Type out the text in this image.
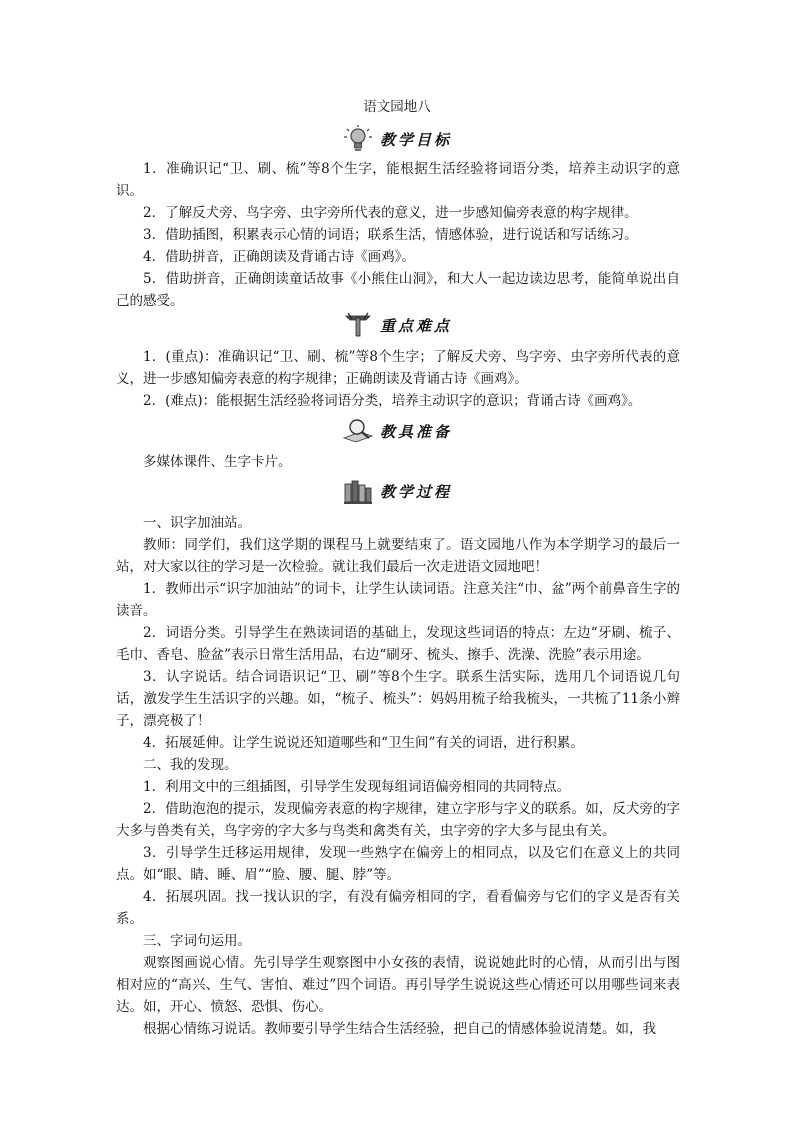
语文园地八
教学目标

1．准确识记“卫、刷、梳”等8个生字，能根据生活经验将词语分类，培养主动识字的意识。

2．了解反犬旁、鸟字旁、虫字旁所代表的意义，进一步感知偏旁表意的构字规律。

3．借助插图，积累表示心情的词语；联系生活，情感体验，进行说话和写话练习。

4．借助拼音，正确朗读及背诵古诗《画鸡》。

5．借助拼音，正确朗读童话故事《小熊住山洞》，和大人一起边读边思考，能简单说出自己的感受。

重点难点

1．(重点)：准确识记“卫、刷、梳”等8个生字；了解反犬旁、鸟字旁、虫字旁所代表的意义，进一步感知偏旁表意的构字规律；正确朗读及背诵古诗《画鸡》。

2．(难点)：能根据生活经验将词语分类，培养主动识字的意识；背诵古诗《画鸡》。

教具准备

多媒体课件、生字卡片。

教学过程

一、识字加油站。

教师：同学们，我们这学期的课程马上就要结束了。语文园地八作为本学期学习的最后一站，对大家以往的学习是一次检验。就让我们最后一次走进语文园地吧！

1．教师出示“识字加油站”的词卡，让学生认读词语。注意关注“巾、盆”两个前鼻音生字的读音。

2．词语分类。引导学生在熟读词语的基础上，发现这些词语的特点：左边“牙刷、梳子、毛巾、香皂、脸盆”表示日常生活用品，右边“刷牙、梳头、擦手、洗澡、洗脸”表示用途。

3．认字说话。结合词语识记“卫、刷”等8个生字。联系生活实际，选用几个词语说几句话，激发学生生活识字的兴趣。如，“梳子、梳头”：妈妈用梳子给我梳头，一共梳了11条小辫子，漂亮极了！

4．拓展延伸。让学生说说还知道哪些和“卫生间”有关的词语，进行积累。

二、我的发现。

1．利用文中的三组插图，引导学生发现每组词语偏旁相同的共同特点。

2．借助泡泡的提示，发现偏旁表意的构字规律，建立字形与字义的联系。如，反犬旁的字大多与兽类有关，鸟字旁的字大多与鸟类和禽类有关，虫字旁的字大多与昆虫有关。

3．引导学生迁移运用规律，发现一些熟字在偏旁上的相同点，以及它们在意义上的共同点。如“眼、睛、睡、眉”“脸、腰、腿、脖”等。

4．拓展巩固。找一找认识的字，有没有偏旁相同的字，看看偏旁与它们的字义是否有关系。

三、字词句运用。

观察图画说心情。先引导学生观察图中小女孩的表情，说说她此时的心情，从而引出与图相对应的“高兴、生气、害怕、难过”四个词语。再引导学生说说这些心情还可以用哪些词来表达。如，开心、愤怒、恐惧、伤心。

根据心情练习说话。教师要引导学生结合生活经验，把自己的情感体验说清楚。如，我
